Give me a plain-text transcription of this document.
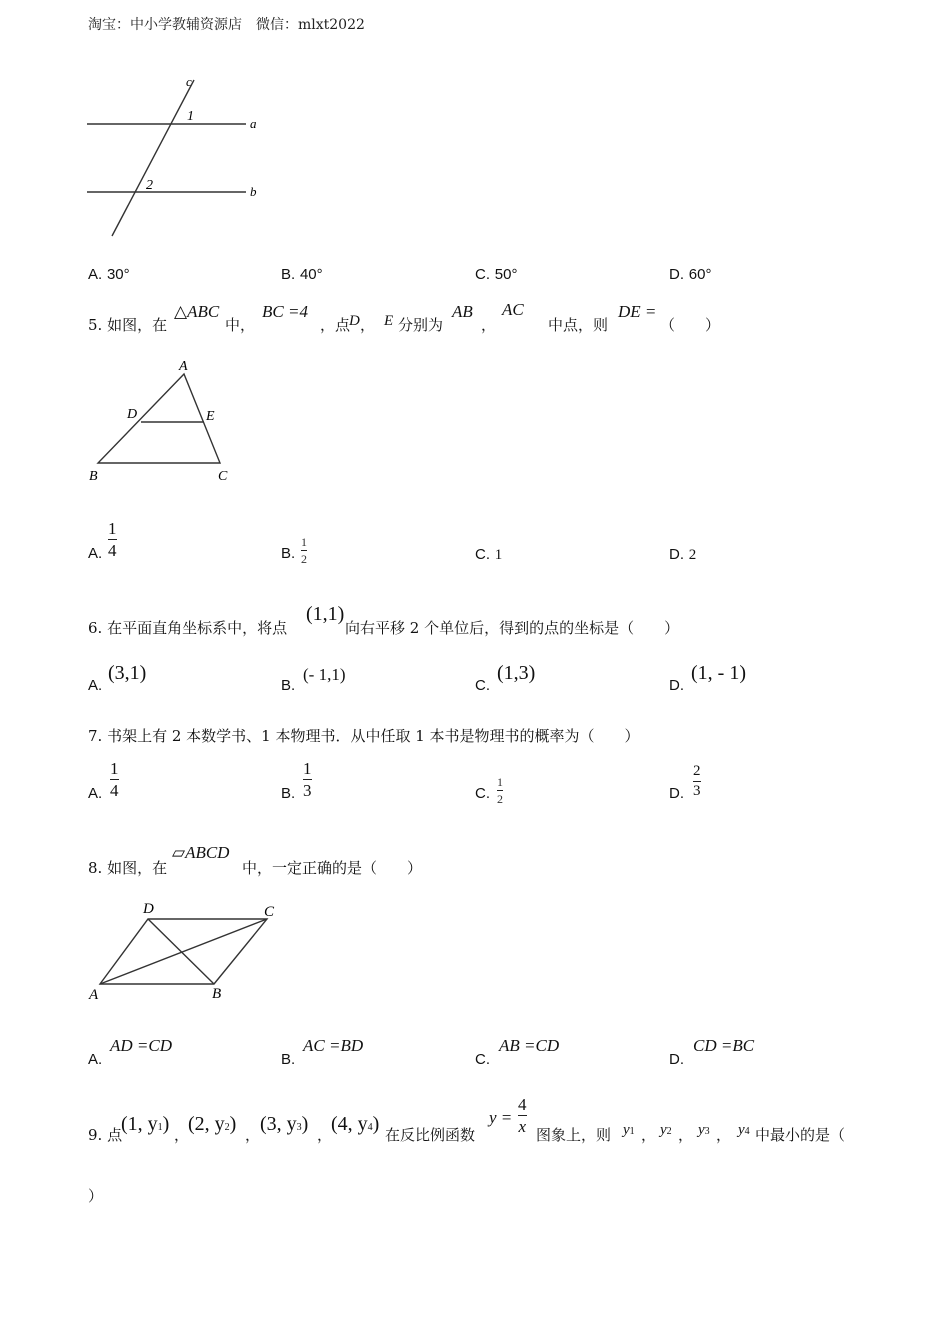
淘宝：中小学教辅资源店　微信：mlxt2022
c
1	a
2	b
A. 30°	B. 40°	C. 50°	D. 60°
5. 如图，在
△ABC
中，
BC =4
，点
D ， E 分别为
AB
，
AC
中点，则
DE =
（　　）
A
D	E
B	C
A.
1
4	B.
1
2	C. 1	D. 2
6. 在平面直角坐标系中，将点
(1,1)
向右平移 2 个单位后，得到的点的坐标是（　　）
A.
(3,1)
B.
(- 1,1)
C.
(1,3)
D.
(1, - 1)
7. 书架上有 2 本数学书、1 本物理书．从中任取 1 本书是物理书的概率为（　　）
A.
1
4	B.
1
3	C.
1
2	D.
2
3
8. 如图，在
▱ABCD
中，一定正确的是（　　）
D	C
A	B
A.
AD =CD
B.
AC =BD
C.
AB =CD
D.
CD =BC
9. 点
(1, y1) ，
(2, y2) ， (3, y3) ，
(4, y4) 在反比例函数
y =
4
x 图象上，则 y1 ， y2 ， y3 ， y4 中最小的是（
）
